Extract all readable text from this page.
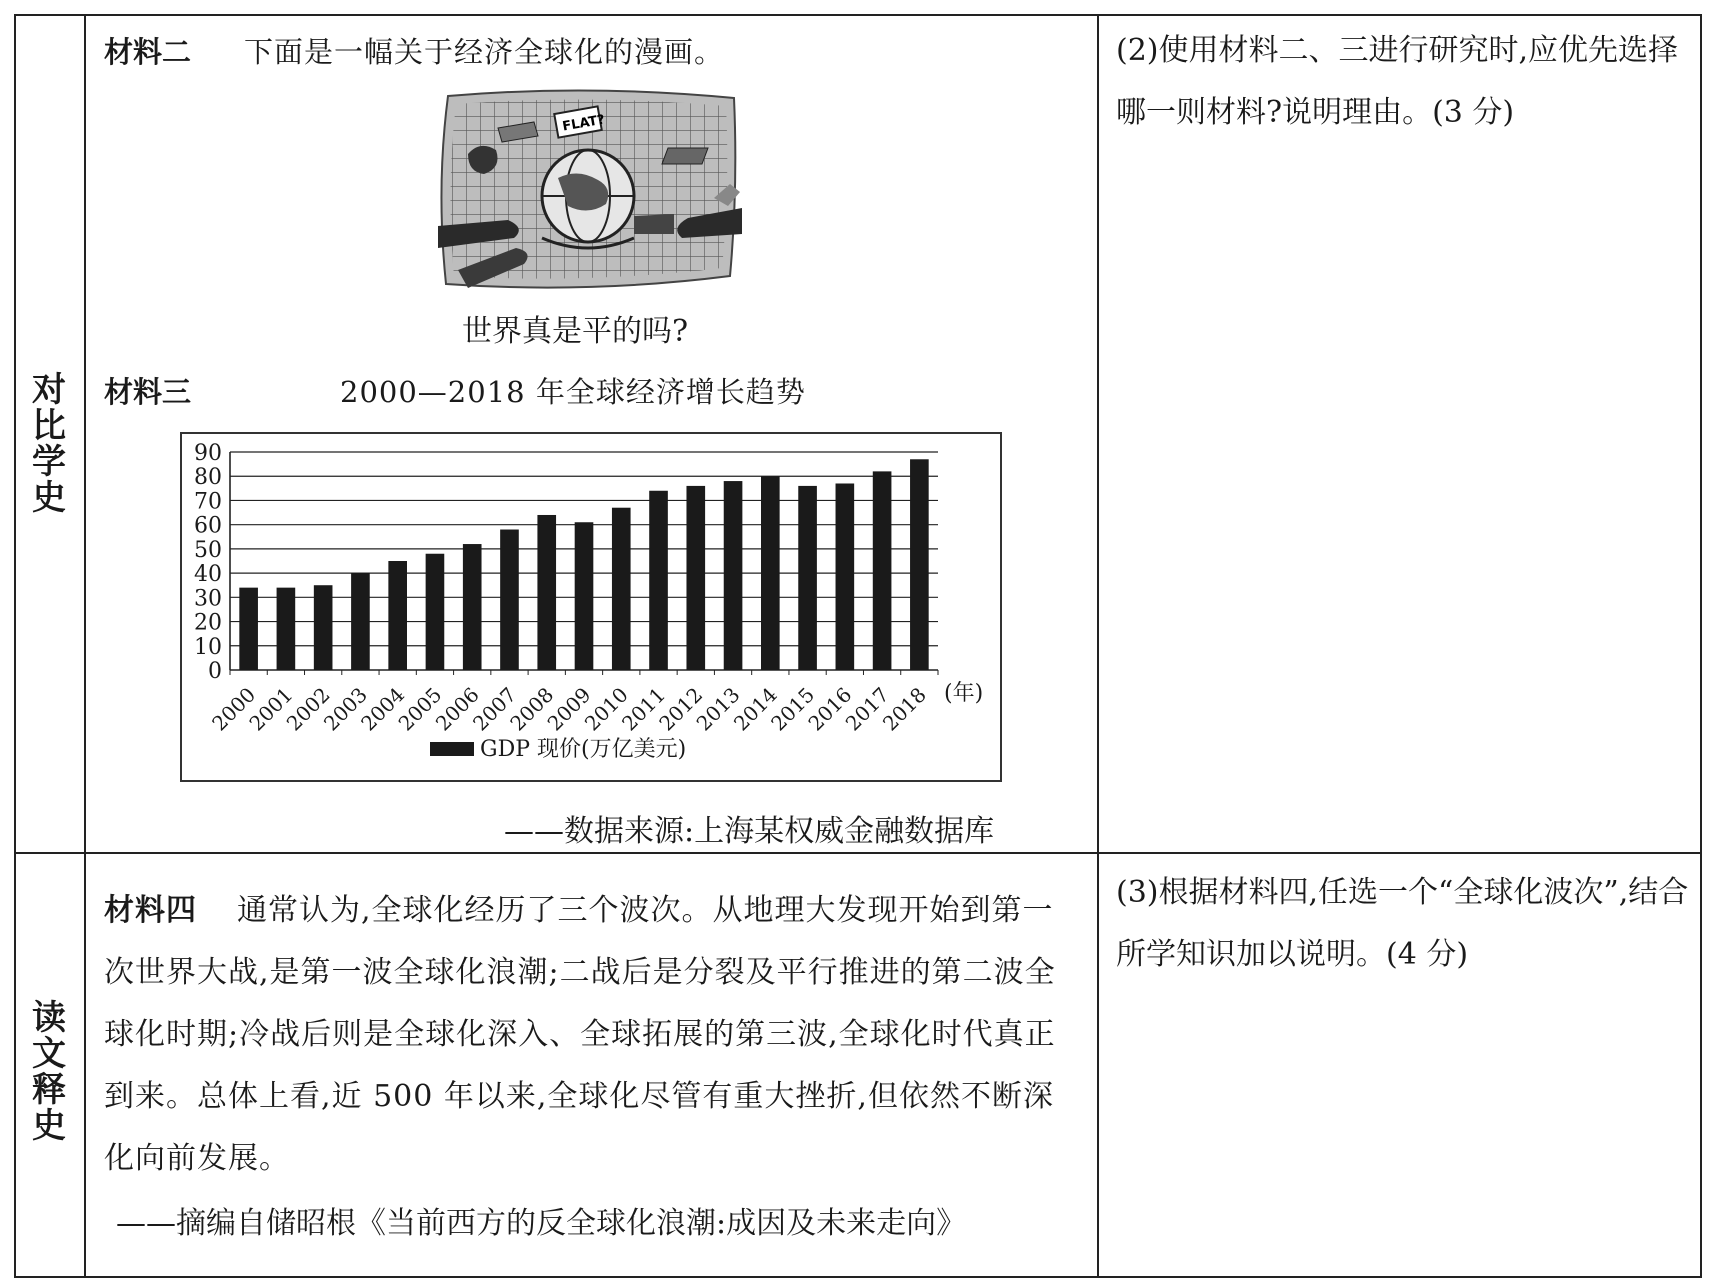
对比学史
读文释史
材料二 下面是一幅关于经济全球化的漫画。
FLAT?
世界真是平的吗?
材料三	2000—2018 年全球经济增长趋势
0
10
20
30
40
50
60
70
80
90
2000
2001
2002
2003
2004
2005
2006
2007
2008
2009
2010
2011
2012
2013
2014
2015
2016
2017
2018 (年)
GDP 现价(万亿美元)
——数据来源:上海某权威金融数据库
材料四 通常认为,全球化经历了三个波次。从地理大发现开始到第一次世界大战,是第一波全球化浪潮;二战后是分裂及平行推进的第二波全球化时期;冷战后则是全球化深入、全球拓展的第三波,全球化时代真正到来。总体上看,近 500 年以来,全球化尽管有重大挫折,但依然不断深化向前发展。
——摘编自储昭根《当前西方的反全球化浪潮:成因及未来走向》
(2)使用材料二、三进行研究时,应优先选择哪一则材料?说明理由。(3 分)
(3)根据材料四,任选一个“全球化波次”,结合所学知识加以说明。(4 分)
